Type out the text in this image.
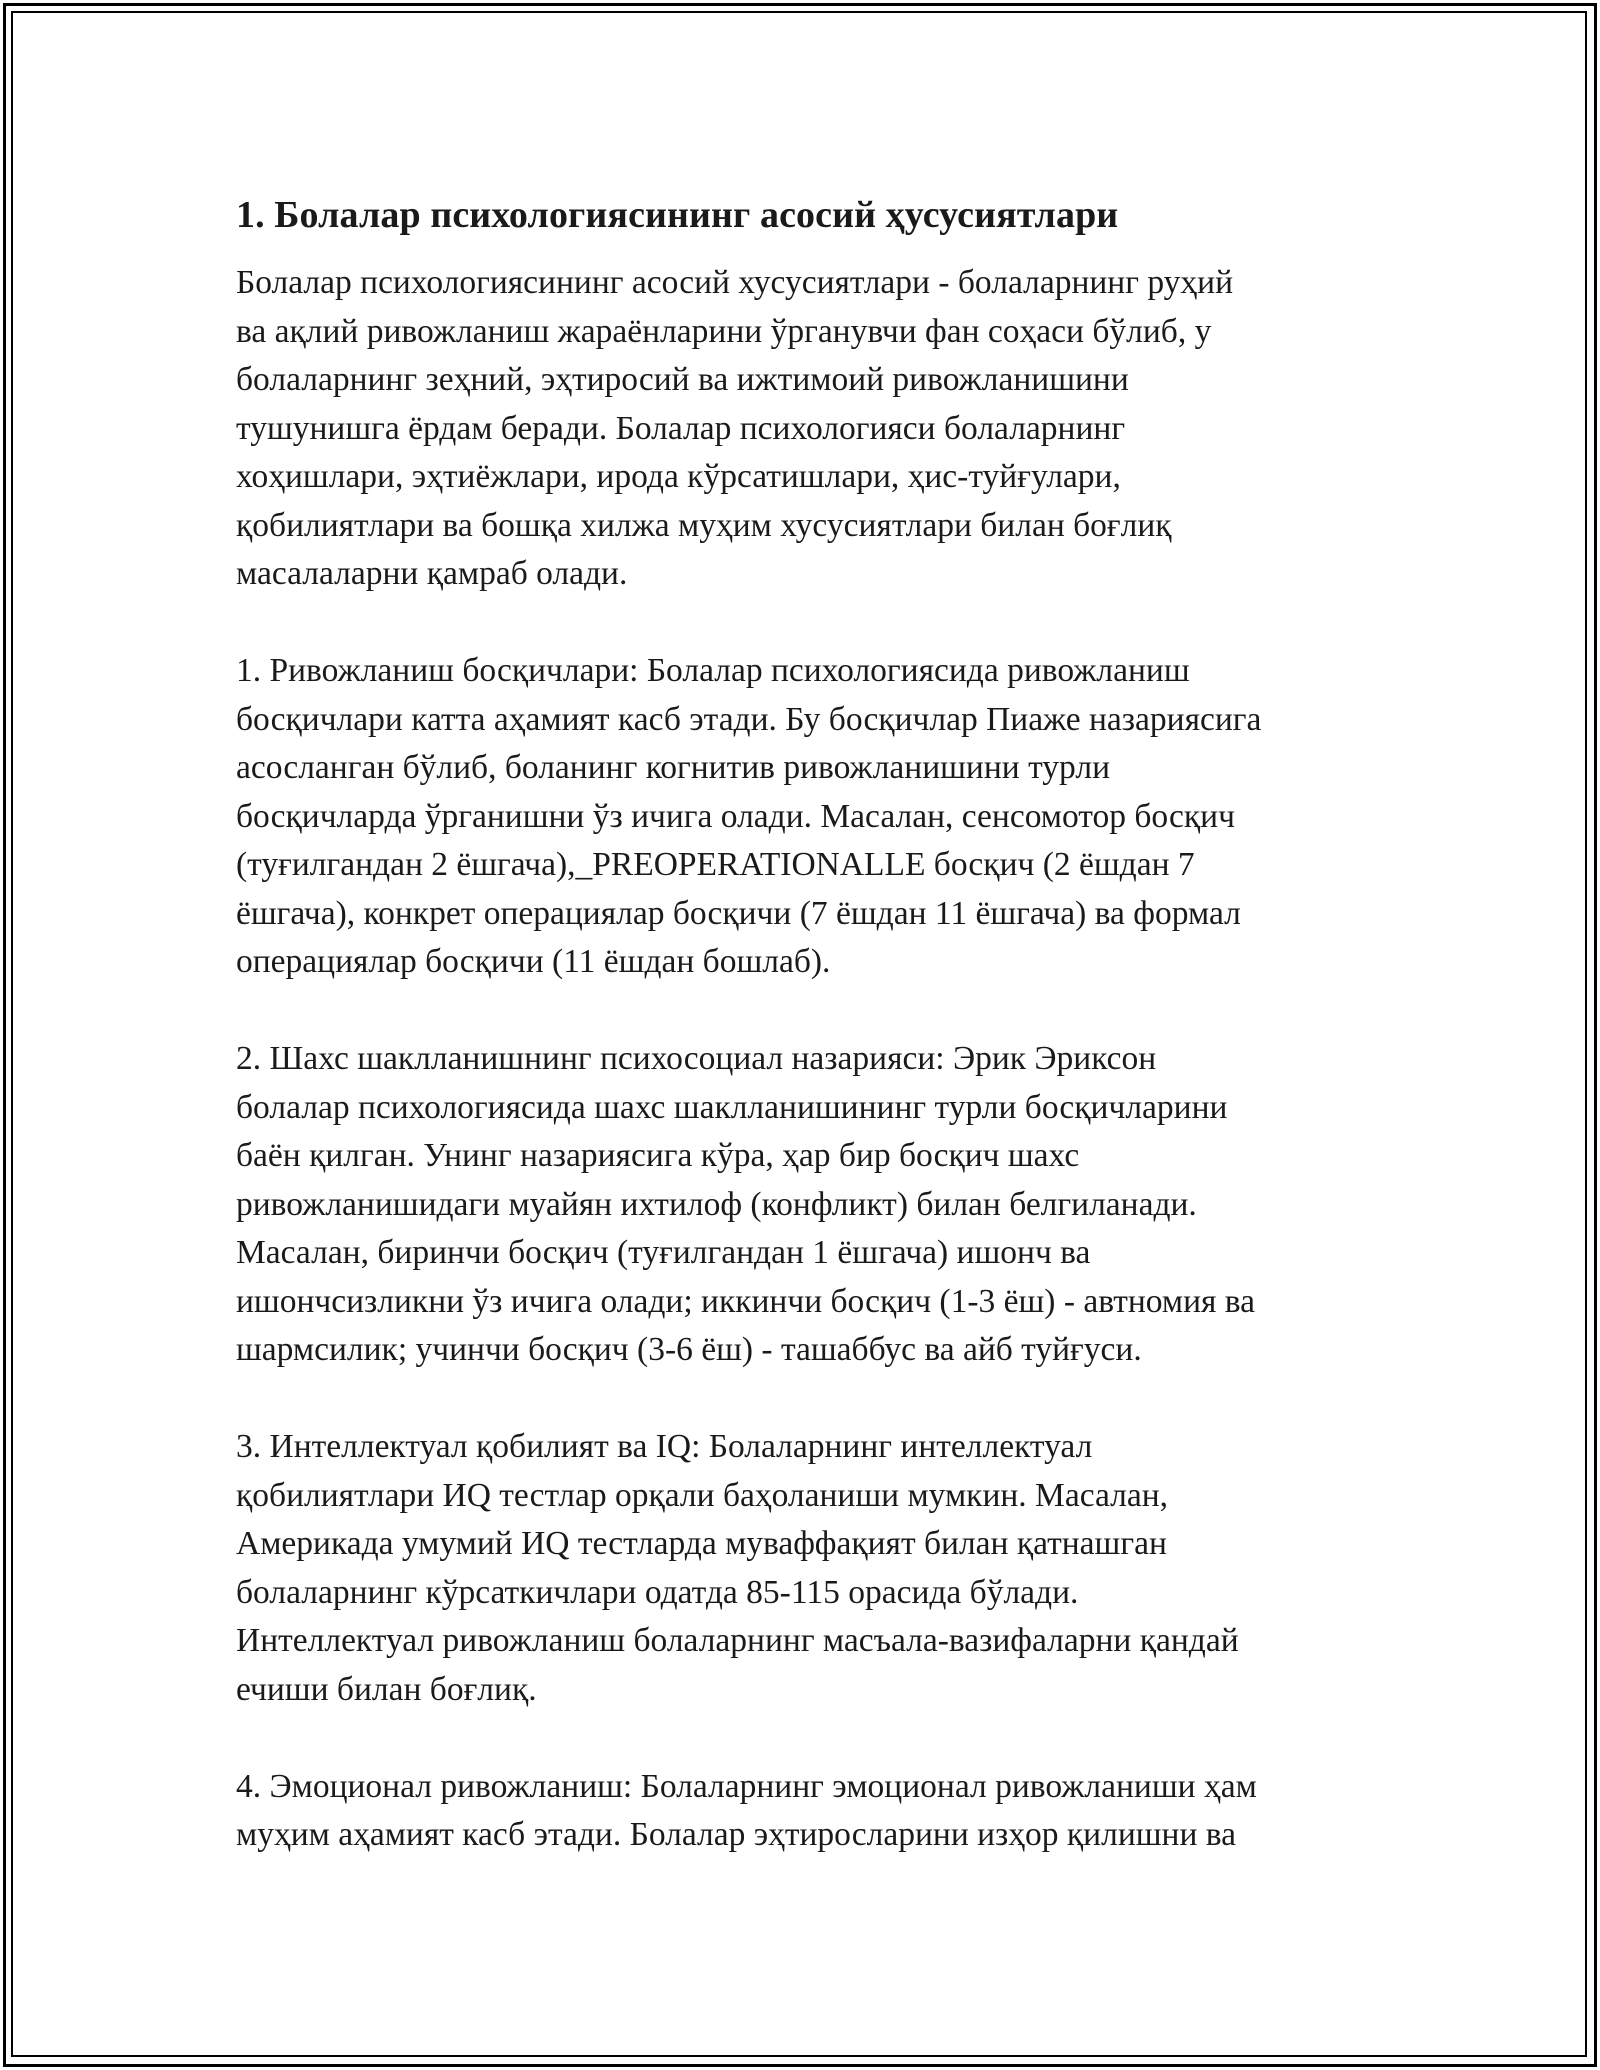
1. Болалар психологиясининг асосий ҳусусиятлари

Болалар психологиясининг асосий хусусиятлари - болаларнинг руҳий
ва ақлий ривожланиш жараёнларини ўрганувчи фан соҳаси бўлиб, у
болаларнинг зеҳний, эҳтиросий ва ижтимоий ривожланишини
тушунишга ёрдам беради. Болалар психологияси болаларнинг
хоҳишлари, эҳтиёжлари, ирода кўрсатишлари, ҳис-туйғулари,
қобилиятлари ва бошқа хилжа муҳим хусусиятлари билан боғлиқ
масалаларни қамраб олади.

1. Ривожланиш босқичлари: Болалар психологиясида ривожланиш
босқичлари катта аҳамият касб этади. Бу босқичлар Пиаже назариясига
асосланган бўлиб, боланинг когнитив ривожланишини турли
босқичларда ўрганишни ўз ичига олади. Масалан, сенсомотор босқич
(туғилгандан 2 ёшгача),_PREOPERATIONALLE босқич (2 ёшдан 7
ёшгача), конкрет операциялар босқичи (7 ёшдан 11 ёшгача) ва формал
операциялар босқичи (11 ёшдан бошлаб).

2. Шахс шаклланишнинг психосоциал назарияси: Эрик Эриксон
болалар психологиясида шахс шаклланишининг турли босқичларини
баён қилган. Унинг назариясига кўра, ҳар бир босқич шахс
ривожланишидаги муайян ихтилоф (конфликт) билан белгиланади.
Масалан, биринчи босқич (туғилгандан 1 ёшгача) ишонч ва
ишончсизликни ўз ичига олади; иккинчи босқич (1-3 ёш) - автномия ва
шармсилик; учинчи босқич (3-6 ёш) - ташаббус ва айб туйғуси.

3. Интеллектуал қобилият ва IQ: Болаларнинг интеллектуал
қобилиятлари ИQ тестлар орқали баҳоланиши мумкин. Масалан,
Америкада умумий ИQ тестларда муваффақият билан қатнашган
болаларнинг кўрсаткичлари одатда 85-115 орасида бўлади.
Интеллектуал ривожланиш болаларнинг масъала-вазифаларни қандай
ечиши билан боғлиқ.

4. Эмоционал ривожланиш: Болаларнинг эмоционал ривожланиши ҳам
муҳим аҳамият касб этади. Болалар эҳтиросларини изҳор қилишни ва
